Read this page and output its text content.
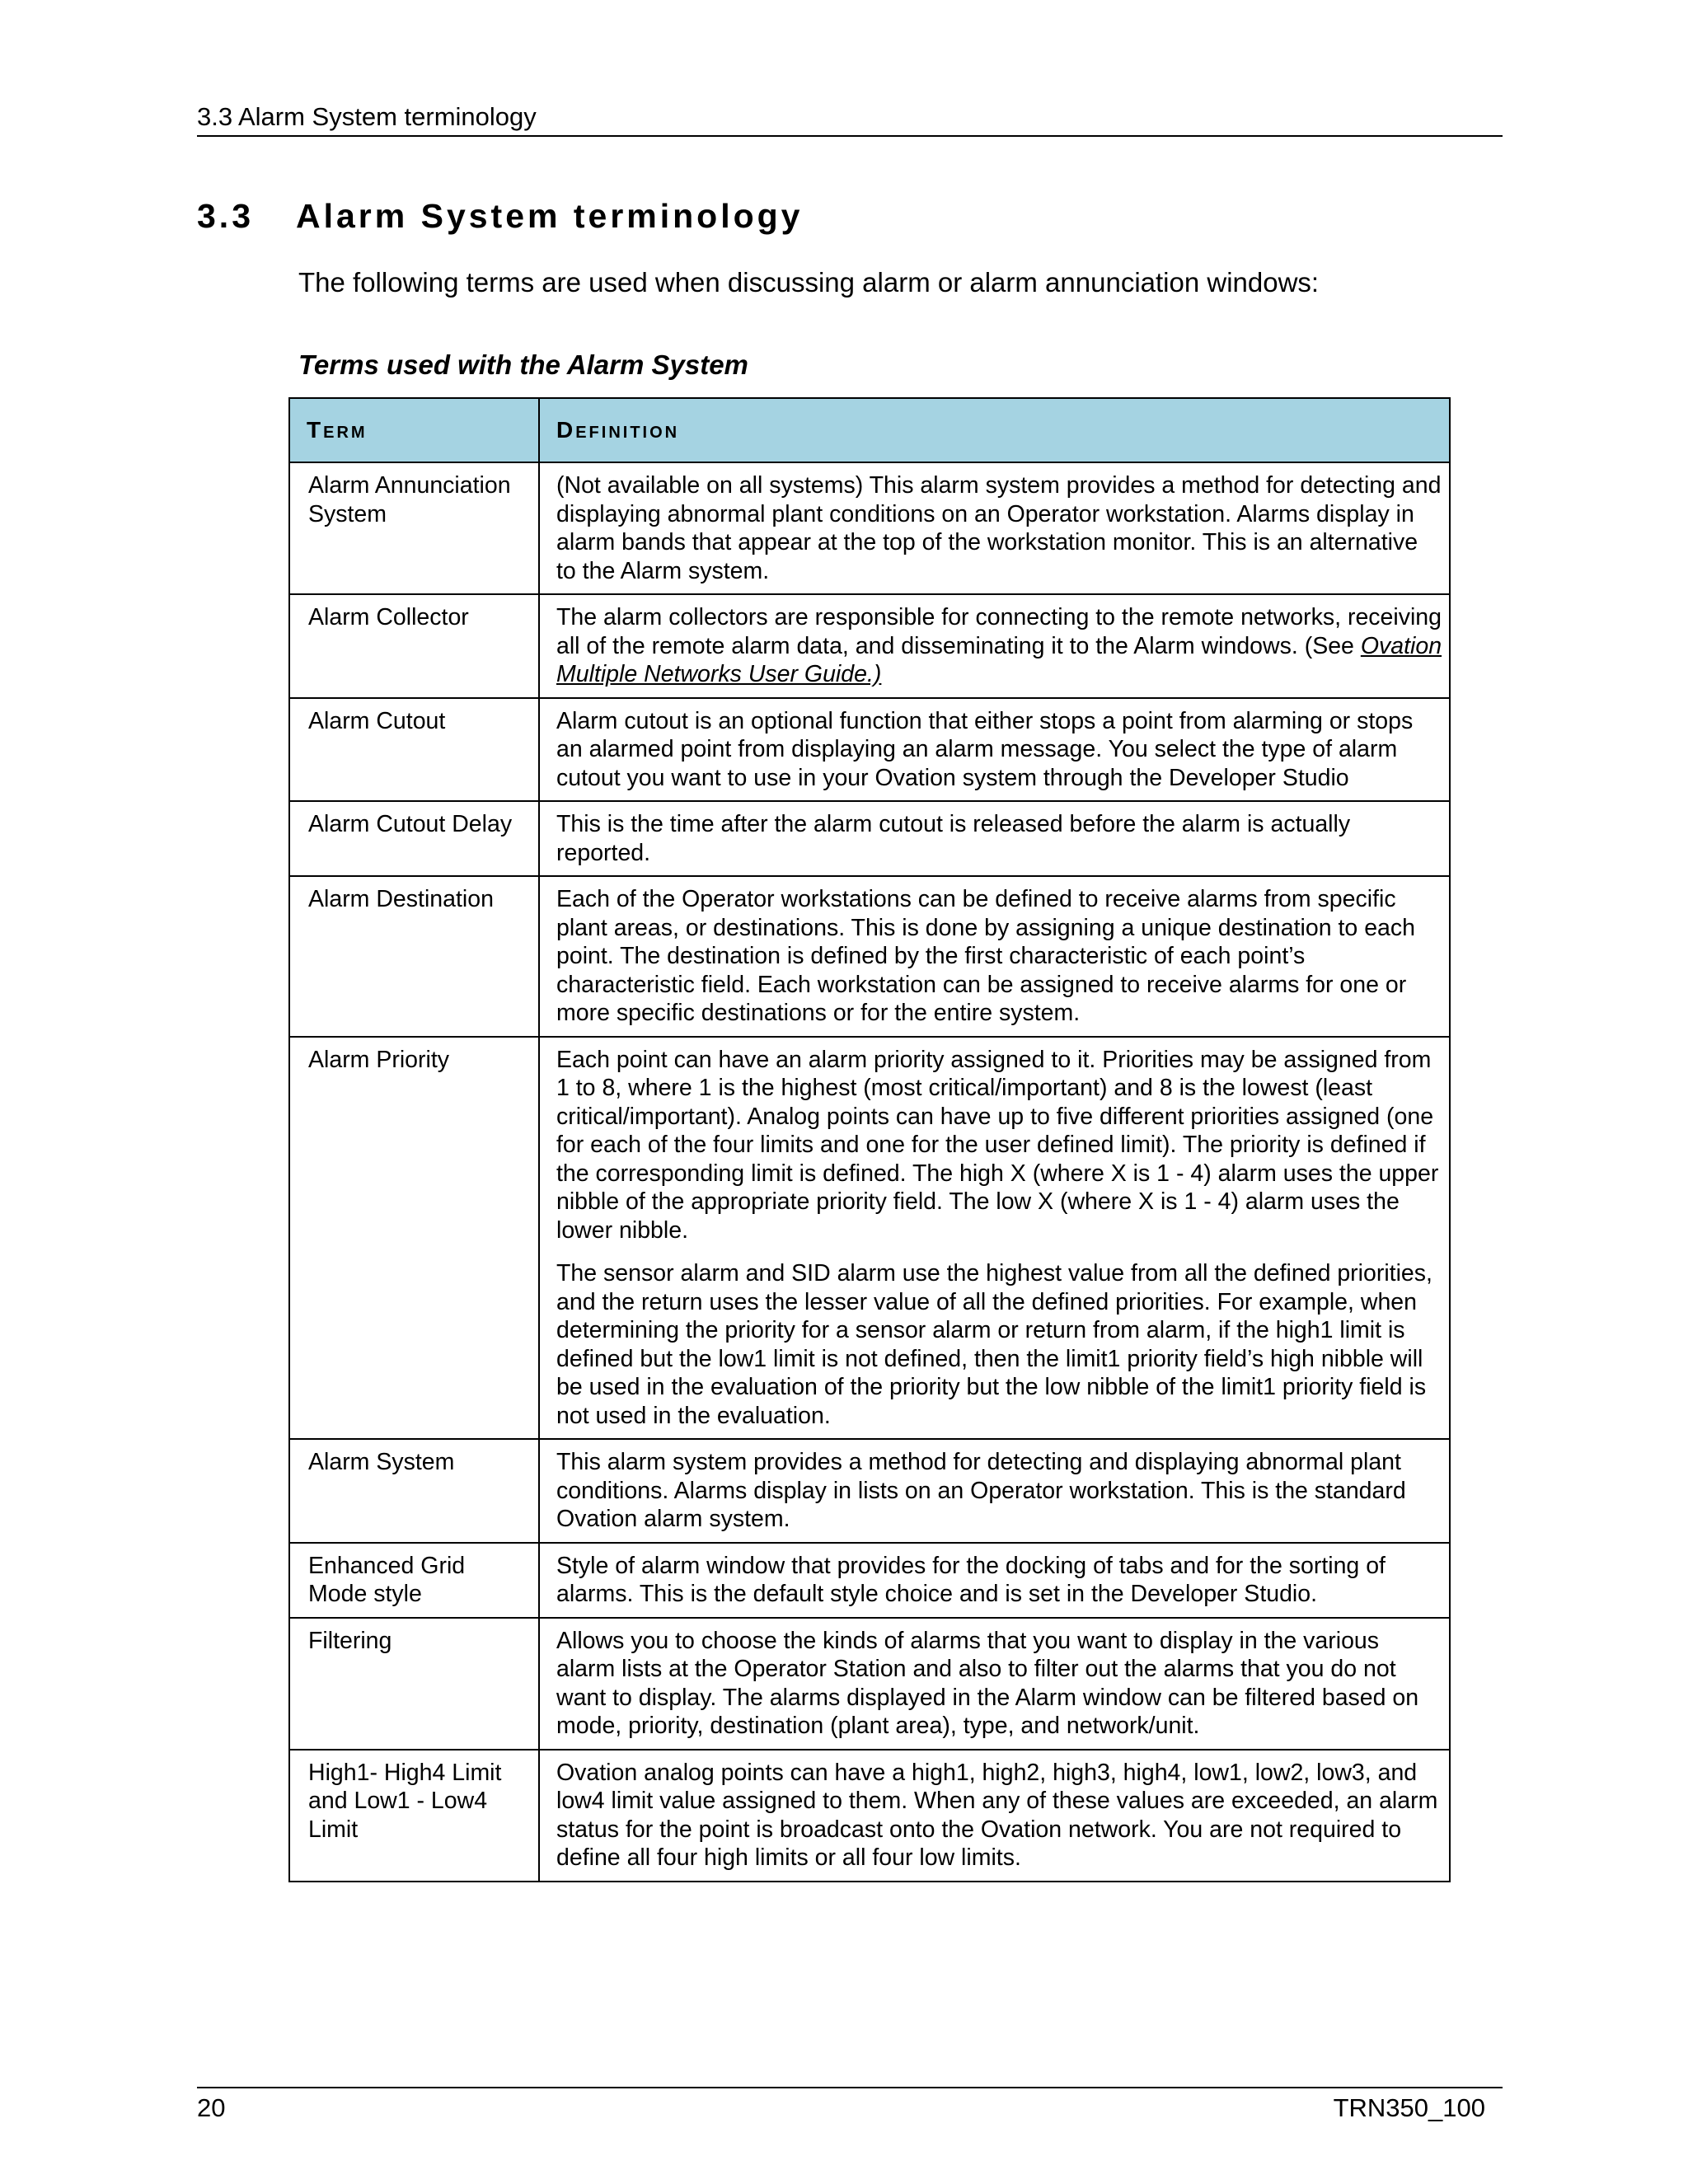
3.3 Alarm System terminology
3.3 Alarm System terminology
The following terms are used when discussing alarm or alarm annunciation windows:
Terms used with the Alarm System
Term	Definition
Alarm Annunciation System	(Not available on all systems) This alarm system provides a method for detecting and displaying abnormal plant conditions on an Operator workstation. Alarms display in alarm bands that appear at the top of the workstation monitor. This is an alternative to the Alarm system.
Alarm Collector	The alarm collectors are responsible for connecting to the remote networks, receiving all of the remote alarm data, and disseminating it to the Alarm windows. (See Ovation Multiple Networks User Guide.)
Alarm Cutout	Alarm cutout is an optional function that either stops a point from alarming or stops an alarmed point from displaying an alarm message. You select the type of alarm cutout you want to use in your Ovation system through the Developer Studio
Alarm Cutout Delay	This is the time after the alarm cutout is released before the alarm is actually reported.
Alarm Destination	Each of the Operator workstations can be defined to receive alarms from specific plant areas, or destinations. This is done by assigning a unique destination to each point. The destination is defined by the first characteristic of each point’s characteristic field. Each workstation can be assigned to receive alarms for one or more specific destinations or for the entire system.
Alarm Priority	Each point can have an alarm priority assigned to it. Priorities may be assigned from 1 to 8, where 1 is the highest (most critical/important) and 8 is the lowest (least critical/important). Analog points can have up to five different priorities assigned (one for each of the four limits and one for the user defined limit). The priority is defined if the corresponding limit is defined. The high X (where X is 1 - 4) alarm uses the upper nibble of the appropriate priority field. The low X (where X is 1 - 4) alarm uses the lower nibble.
The sensor alarm and SID alarm use the highest value from all the defined priorities, and the return uses the lesser value of all the defined priorities. For example, when determining the priority for a sensor alarm or return from alarm, if the high1 limit is defined but the low1 limit is not defined, then the limit1 priority field’s high nibble will be used in the evaluation of the priority but the low nibble of the limit1 priority field is not used in the evaluation.

Alarm System	This alarm system provides a method for detecting and displaying abnormal plant conditions. Alarms display in lists on an Operator workstation. This is the standard Ovation alarm system.
Enhanced Grid Mode style	Style of alarm window that provides for the docking of tabs and for the sorting of alarms. This is the default style choice and is set in the Developer Studio.
Filtering	Allows you to choose the kinds of alarms that you want to display in the various alarm lists at the Operator Station and also to filter out the alarms that you do not want to display. The alarms displayed in the Alarm window can be filtered based on mode, priority, destination (plant area), type, and network/unit.
High1- High4 Limit and Low1 - Low4 Limit	Ovation analog points can have a high1, high2, high3, high4, low1, low2, low3, and low4 limit value assigned to them. When any of these values are exceeded, an alarm status for the point is broadcast onto the Ovation network. You are not required to define all four high limits or all four low limits.
20	TRN350_100
